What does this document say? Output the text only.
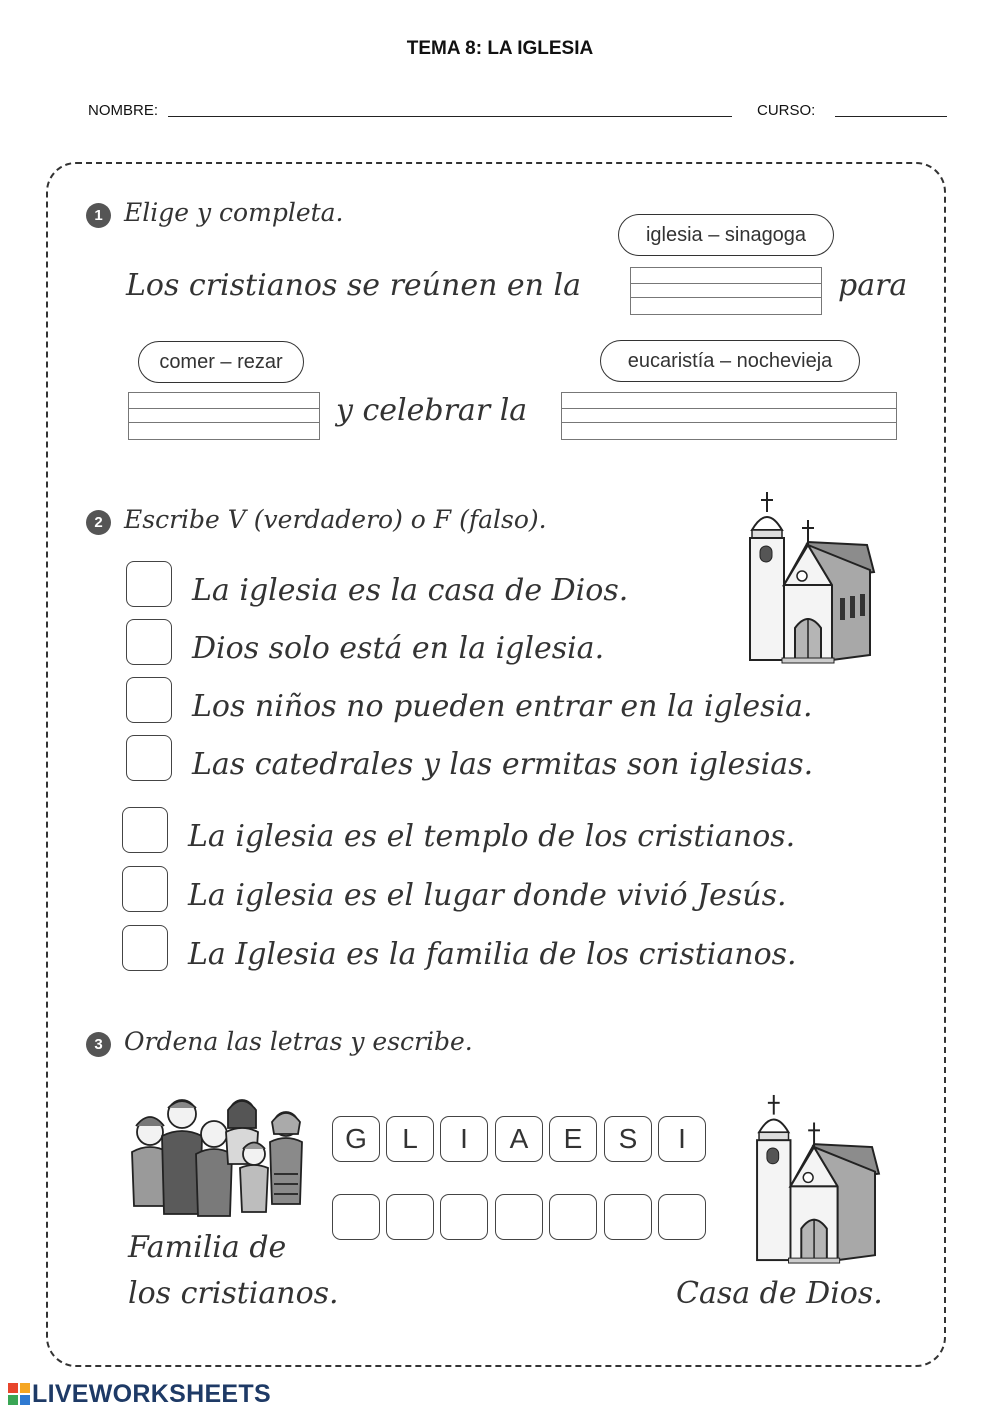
TEMA 8: LA IGLESIA
NOMBRE:	CURSO:
1 Elige y completa.
iglesia – sinagoga
Los cristianos se reúnen en la	para
comer – rezar	eucaristía – nochevieja
y celebrar la
2 Escribe V (verdadero) o F (falso).
La iglesia es la casa de Dios.
Dios solo está en la iglesia.
Los niños no pueden entrar en la iglesia.
Las catedrales y las ermitas son iglesias.
La iglesia es el templo de los cristianos.
La iglesia es el lugar donde vivió Jesús.
La Iglesia es la familia de los cristianos.
3 Ordena las letras y escribe.
Familia de
los cristianos.
G	L	I	A	E	S	I
Casa de Dios.
LIVEWORKSHEETS
